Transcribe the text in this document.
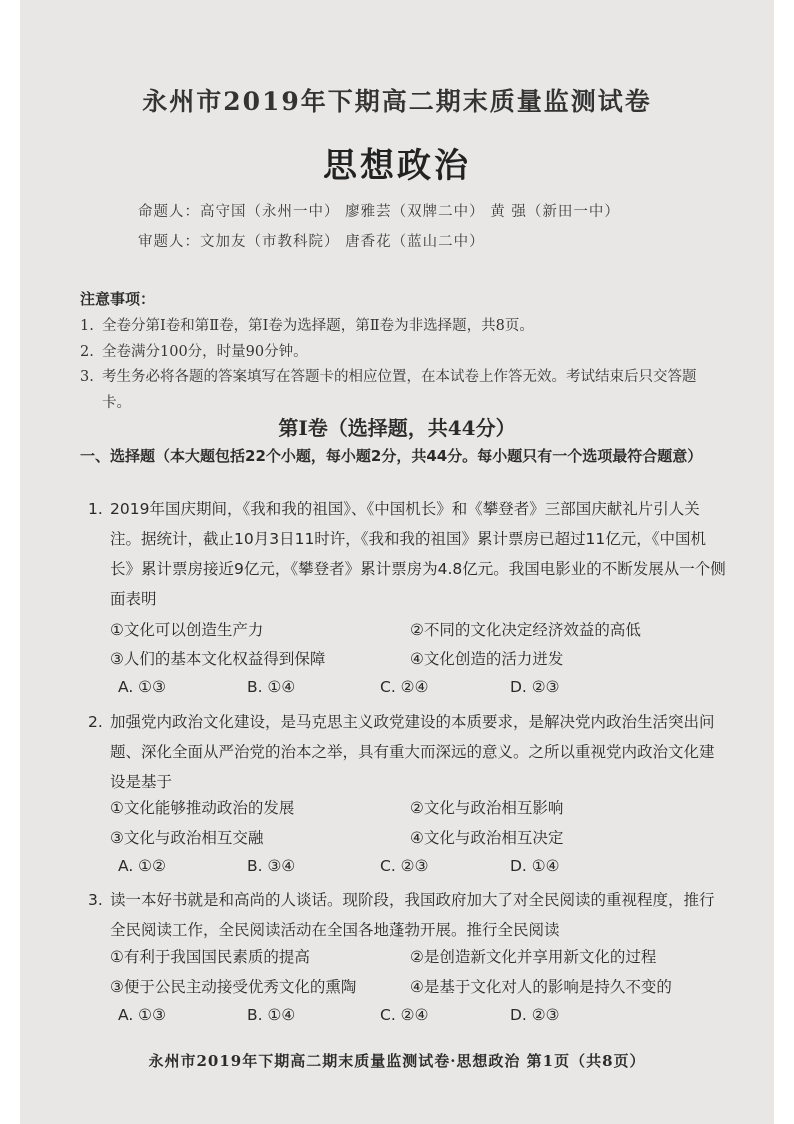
永州市2019年下期高二期末质量监测试卷
思想政治
命题人：高守国（永州一中） 廖雅芸（双牌二中） 黄 强（新田一中）
审题人：文加友（市教科院） 唐香花（蓝山二中）
注意事项：
1. 全卷分第Ⅰ卷和第Ⅱ卷，第Ⅰ卷为选择题，第Ⅱ卷为非选择题，共8页。
2. 全卷满分100分，时量90分钟。
3. 考生务必将各题的答案填写在答题卡的相应位置，在本试卷上作答无效。考试结束后只交答题卡。
第Ⅰ卷（选择题，共44分）
一、选择题（本大题包括22个小题，每小题2分，共44分。每小题只有一个选项最符合题意）
1. 2019年国庆期间，《我和我的祖国》、《中国机长》和《攀登者》三部国庆献礼片引人关注。据统计，截止10月3日11时许，《我和我的祖国》累计票房已超过11亿元，《中国机长》累计票房接近9亿元，《攀登者》累计票房为4.8亿元。我国电影业的不断发展从一个侧面表明
①文化可以创造生产力	②不同的文化决定经济效益的高低
③人们的基本文化权益得到保障	④文化创造的活力迸发
A. ①③	B. ①④	C. ②④	D. ②③
2. 加强党内政治文化建设，是马克思主义政党建设的本质要求，是解决党内政治生活突出问题、深化全面从严治党的治本之举，具有重大而深远的意义。之所以重视党内政治文化建设是基于
①文化能够推动政治的发展	②文化与政治相互影响
③文化与政治相互交融	④文化与政治相互决定
A. ①②	B. ③④	C. ②③	D. ①④
3. 读一本好书就是和高尚的人谈话。现阶段，我国政府加大了对全民阅读的重视程度，推行全民阅读工作，全民阅读活动在全国各地蓬勃开展。推行全民阅读
①有利于我国国民素质的提高	②是创造新文化并享用新文化的过程
③便于公民主动接受优秀文化的熏陶	④是基于文化对人的影响是持久不变的
A. ①③	B. ①④	C. ②④	D. ②③
永州市2019年下期高二期末质量监测试卷·思想政治 第1页（共8页）
